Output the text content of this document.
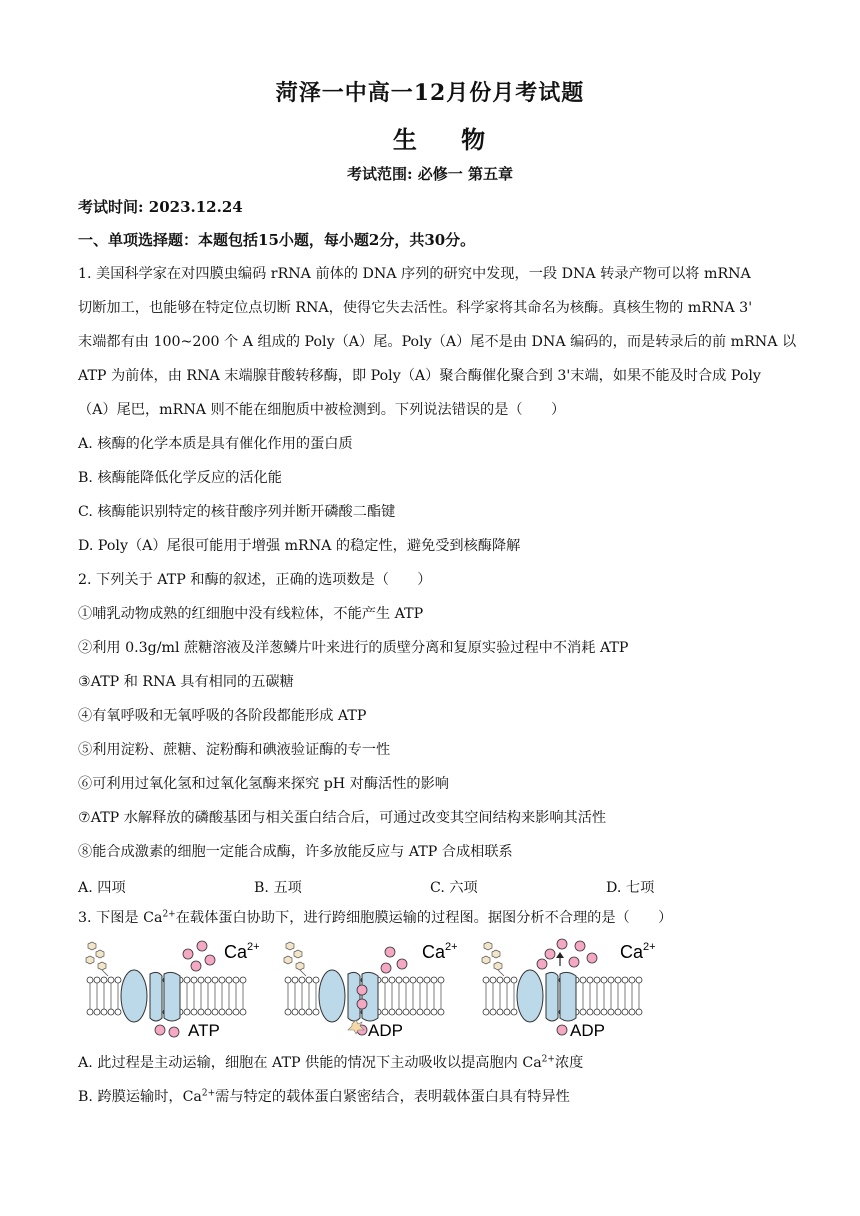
菏泽一中高一12月份月考试题
生 物
考试范围: 必修一 第五章
考试时间: 2023.12.24
一、单项选择题：本题包括15小题，每小题2分，共30分。
1. 美国科学家在对四膜虫编码 rRNA 前体的 DNA 序列的研究中发现，一段 DNA 转录产物可以将 mRNA
切断加工，也能够在特定位点切断 RNA，使得它失去活性。科学家将其命名为核酶。真核生物的 mRNA 3'
末端都有由 100~200 个 A 组成的 Poly（A）尾。Poly（A）尾不是由 DNA 编码的，而是转录后的前 mRNA 以
ATP 为前体，由 RNA 末端腺苷酸转移酶，即 Poly（A）聚合酶催化聚合到 3'末端，如果不能及时合成 Poly
（A）尾巴，mRNA 则不能在细胞质中被检测到。下列说法错误的是（　　）
A. 核酶的化学本质是具有催化作用的蛋白质
B. 核酶能降低化学反应的活化能
C. 核酶能识别特定的核苷酸序列并断开磷酸二酯键
D. Poly（A）尾很可能用于增强 mRNA 的稳定性，避免受到核酶降解
2. 下列关于 ATP 和酶的叙述，正确的选项数是（　　）
①哺乳动物成熟的红细胞中没有线粒体，不能产生 ATP
②利用 0.3g/ml 蔗糖溶液及洋葱鳞片叶来进行的质壁分离和复原实验过程中不消耗 ATP
③ATP 和 RNA 具有相同的五碳糖
④有氧呼吸和无氧呼吸的各阶段都能形成 ATP
⑤利用淀粉、蔗糖、淀粉酶和碘液验证酶的专一性
⑥可利用过氧化氢和过氧化氢酶来探究 pH 对酶活性的影响
⑦ATP 水解释放的磷酸基团与相关蛋白结合后，可通过改变其空间结构来影响其活性
⑧能合成激素的细胞一定能合成酶，许多放能反应与 ATP 合成相联系
A. 四项	B. 五项	C. 六项	D. 七项
3. 下图是 $Ca^{2+}$在载体蛋白协助下，进行跨细胞膜运输的过程图。据图分析不合理的是（　　）
$Ca^{2+}$
ATP
$Ca^{2+}$
ADP
$Ca^{2+}$
ADP
A. 此过程是主动运输，细胞在 ATP 供能的情况下主动吸收以提高胞内 $Ca^{2+}$浓度
B. 跨膜运输时，$Ca^{2+}$需与特定的载体蛋白紧密结合，表明载体蛋白具有特异性
